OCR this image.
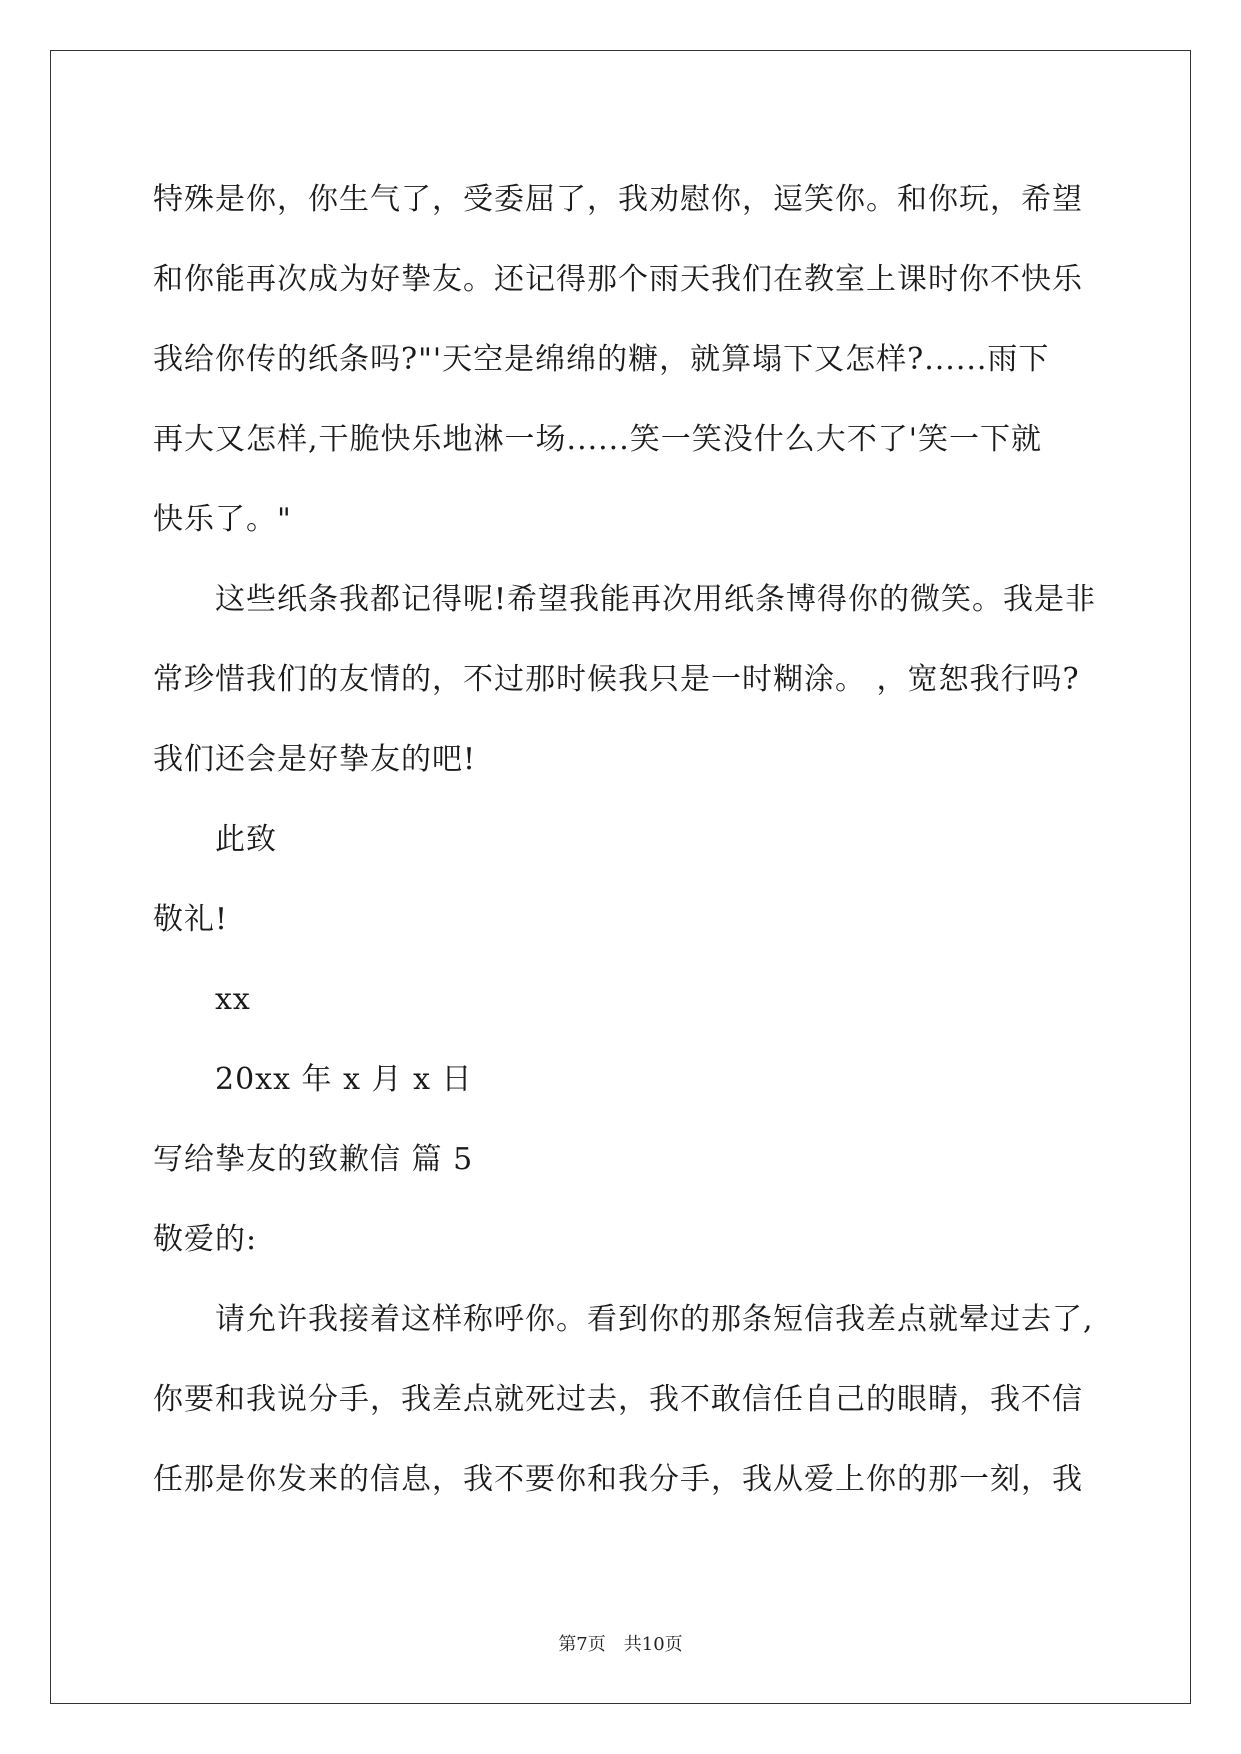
特殊是你，你生气了，受委屈了，我劝慰你，逗笑你。和你玩，希望
和你能再次成为好挚友。还记得那个雨天我们在教室上课时你不快乐
我给你传的纸条吗?"'天空是绵绵的糖，就算塌下又怎样?......雨下
再大又怎样,干脆快乐地淋一场......笑一笑没什么大不了'笑一下就
快乐了。"
这些纸条我都记得呢!希望我能再次用纸条博得你的微笑。我是非
常珍惜我们的友情的，不过那时候我只是一时糊涂。 ，宽恕我行吗?
我们还会是好挚友的吧!
此致
敬礼!
xx
20xx 年 x 月 x 日
写给挚友的致歉信 篇 5
敬爱的:
请允许我接着这样称呼你。看到你的那条短信我差点就晕过去了,
你要和我说分手，我差点就死过去，我不敢信任自己的眼睛，我不信
任那是你发来的信息，我不要你和我分手，我从爱上你的那一刻，我
第7页 共10页
